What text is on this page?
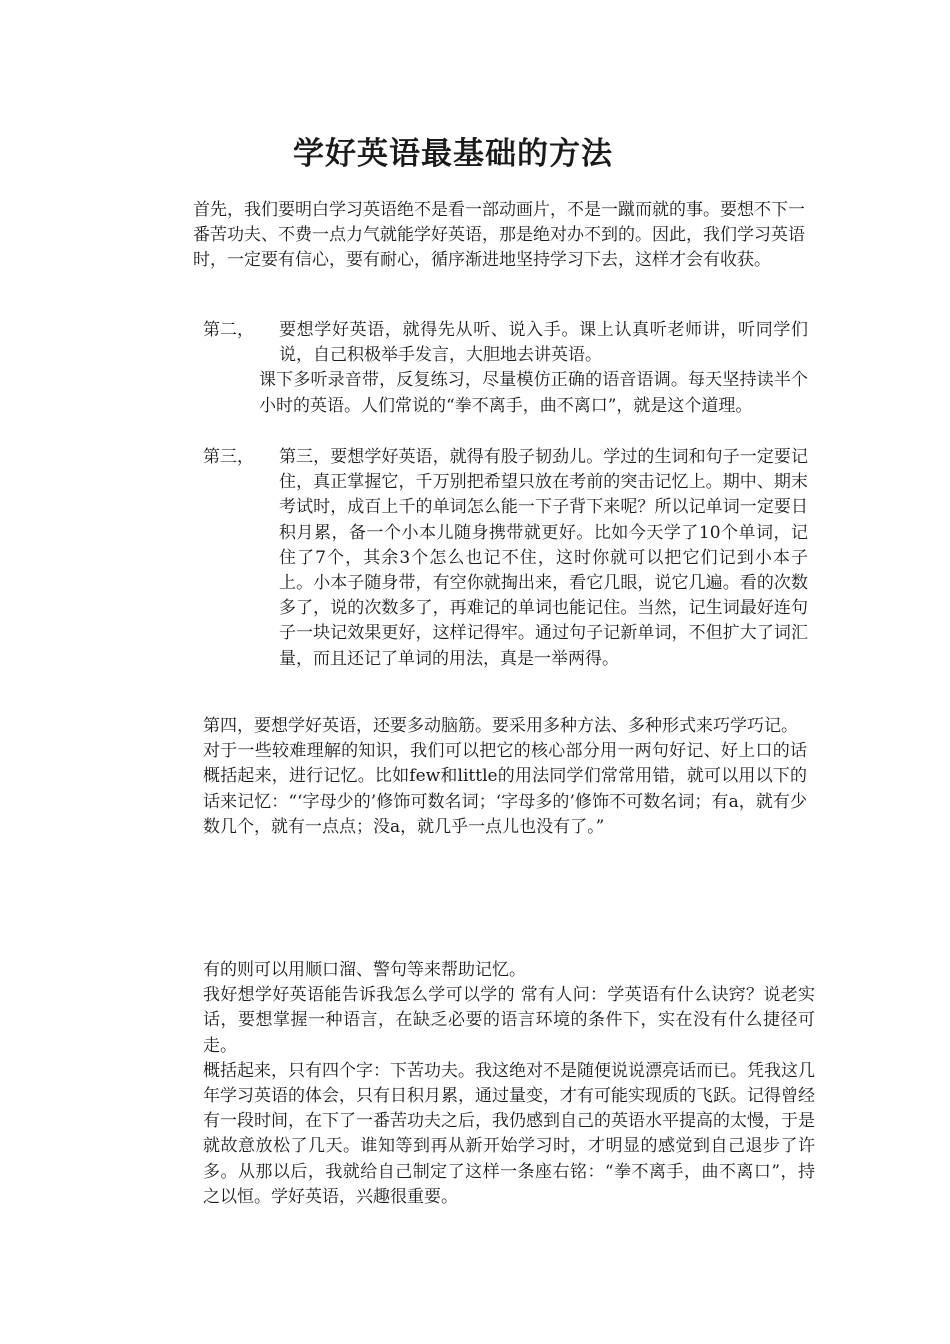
学好英语最基础的方法

首先，我们要明白学习英语绝不是看一部动画片，不是一蹴而就的事。要想不下一番苦功夫、不费一点力气就能学好英语，那是绝对办不到的。因此，我们学习英语时，一定要有信心，要有耐心，循序渐进地坚持学习下去，这样才会有收获。

第二，	要想学好英语，就得先从听、说入手。课上认真听老师讲，听同学们说，自己积极举手发言，大胆地去讲英语。

课下多听录音带，反复练习，尽量模仿正确的语音语调。每天坚持读半个小时的英语。人们常说的“拳不离手，曲不离口”，就是这个道理。

第三，	第三，要想学好英语，就得有股子韧劲儿。学过的生词和句子一定要记住，真正掌握它，千万别把希望只放在考前的突击记忆上。期中、期末考试时，成百上千的单词怎么能一下子背下来呢？所以记单词一定要日积月累，备一个小本儿随身携带就更好。比如今天学了10个单词，记住了7个，其余3个怎么也记不住，这时你就可以把它们记到小本子上。小本子随身带，有空你就掏出来，看它几眼，说它几遍。看的次数多了，说的次数多了，再难记的单词也能记住。当然，记生词最好连句子一块记效果更好，这样记得牢。通过句子记新单词，不但扩大了词汇量，而且还记了单词的用法，真是一举两得。

第四，要想学好英语，还要多动脑筋。要采用多种方法、多种形式来巧学巧记。

对于一些较难理解的知识，我们可以把它的核心部分用一两句好记、好上口的话概括起来，进行记忆。比如few和little的用法同学们常常用错，就可以用以下的话来记忆：“‘字母少的’修饰可数名词；‘字母多的’修饰不可数名词；有a，就有少数几个，就有一点点；没a，就几乎一点儿也没有了。”

有的则可以用顺口溜、警句等来帮助记忆。

我好想学好英语能告诉我怎么学可以学的 常有人问：学英语有什么诀窍？说老实话，要想掌握一种语言，在缺乏必要的语言环境的条件下，实在没有什么捷径可走。

概括起来，只有四个字：下苦功夫。我这绝对不是随便说说漂亮话而已。凭我这几年学习英语的体会，只有日积月累，通过量变，才有可能实现质的飞跃。记得曾经有一段时间，在下了一番苦功夫之后，我仍感到自己的英语水平提高的太慢，于是就故意放松了几天。谁知等到再从新开始学习时，才明显的感觉到自己退步了许多。从那以后，我就给自己制定了这样一条座右铭：“拳不离手，曲不离口”，持之以恒。学好英语，兴趣很重要。
